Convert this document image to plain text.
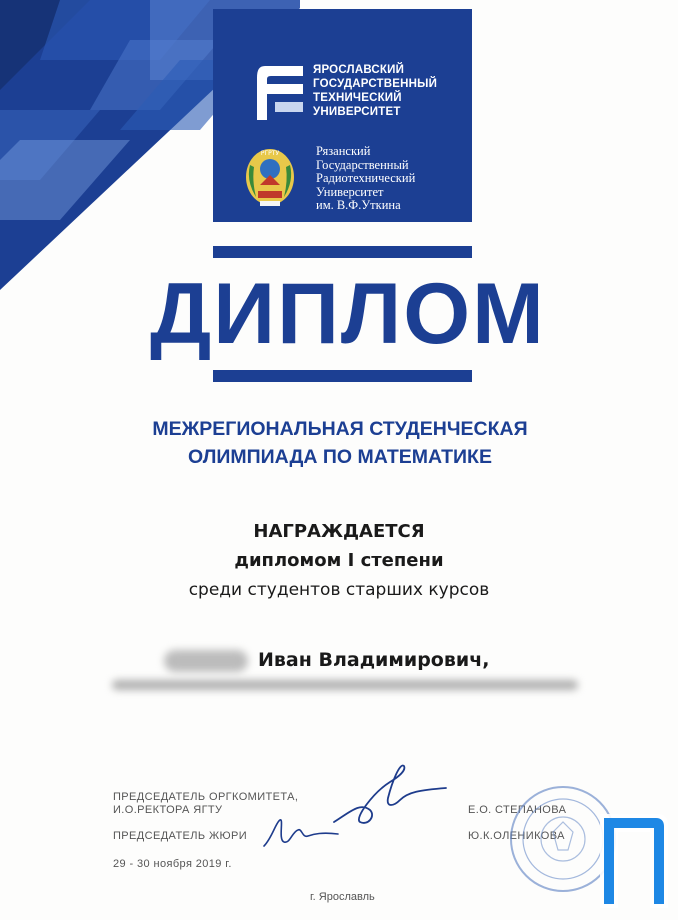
ЯРОСЛАВСКИЙ
ГОСУДАРСТВЕННЫЙ
ТЕХНИЧЕСКИЙ
УНИВЕРСИТЕТ
РГРТУ	Рязанский
Государственный
Радиотехнический
Университет
им. В.Ф.Уткина
ДИПЛОМ
МЕЖРЕГИОНАЛЬНАЯ СТУДЕНЧЕСКАЯ
ОЛИМПИАДА ПО МАТЕМАТИКЕ
НАГРАЖДАЕТСЯ
дипломом I степени
среди студентов старших курсов
Иван Владимирович,
ПРЕДСЕДАТЕЛЬ ОРГКОМИТЕТА,
И.О.РЕКТОРА ЯГТУ	Е.О. СТЕПАНОВА
ПРЕДСЕДАТЕЛЬ ЖЮРИ	Ю.К.ОЛЕНИКОВА
29 - 30 ноября 2019 г.
г. Ярославль
